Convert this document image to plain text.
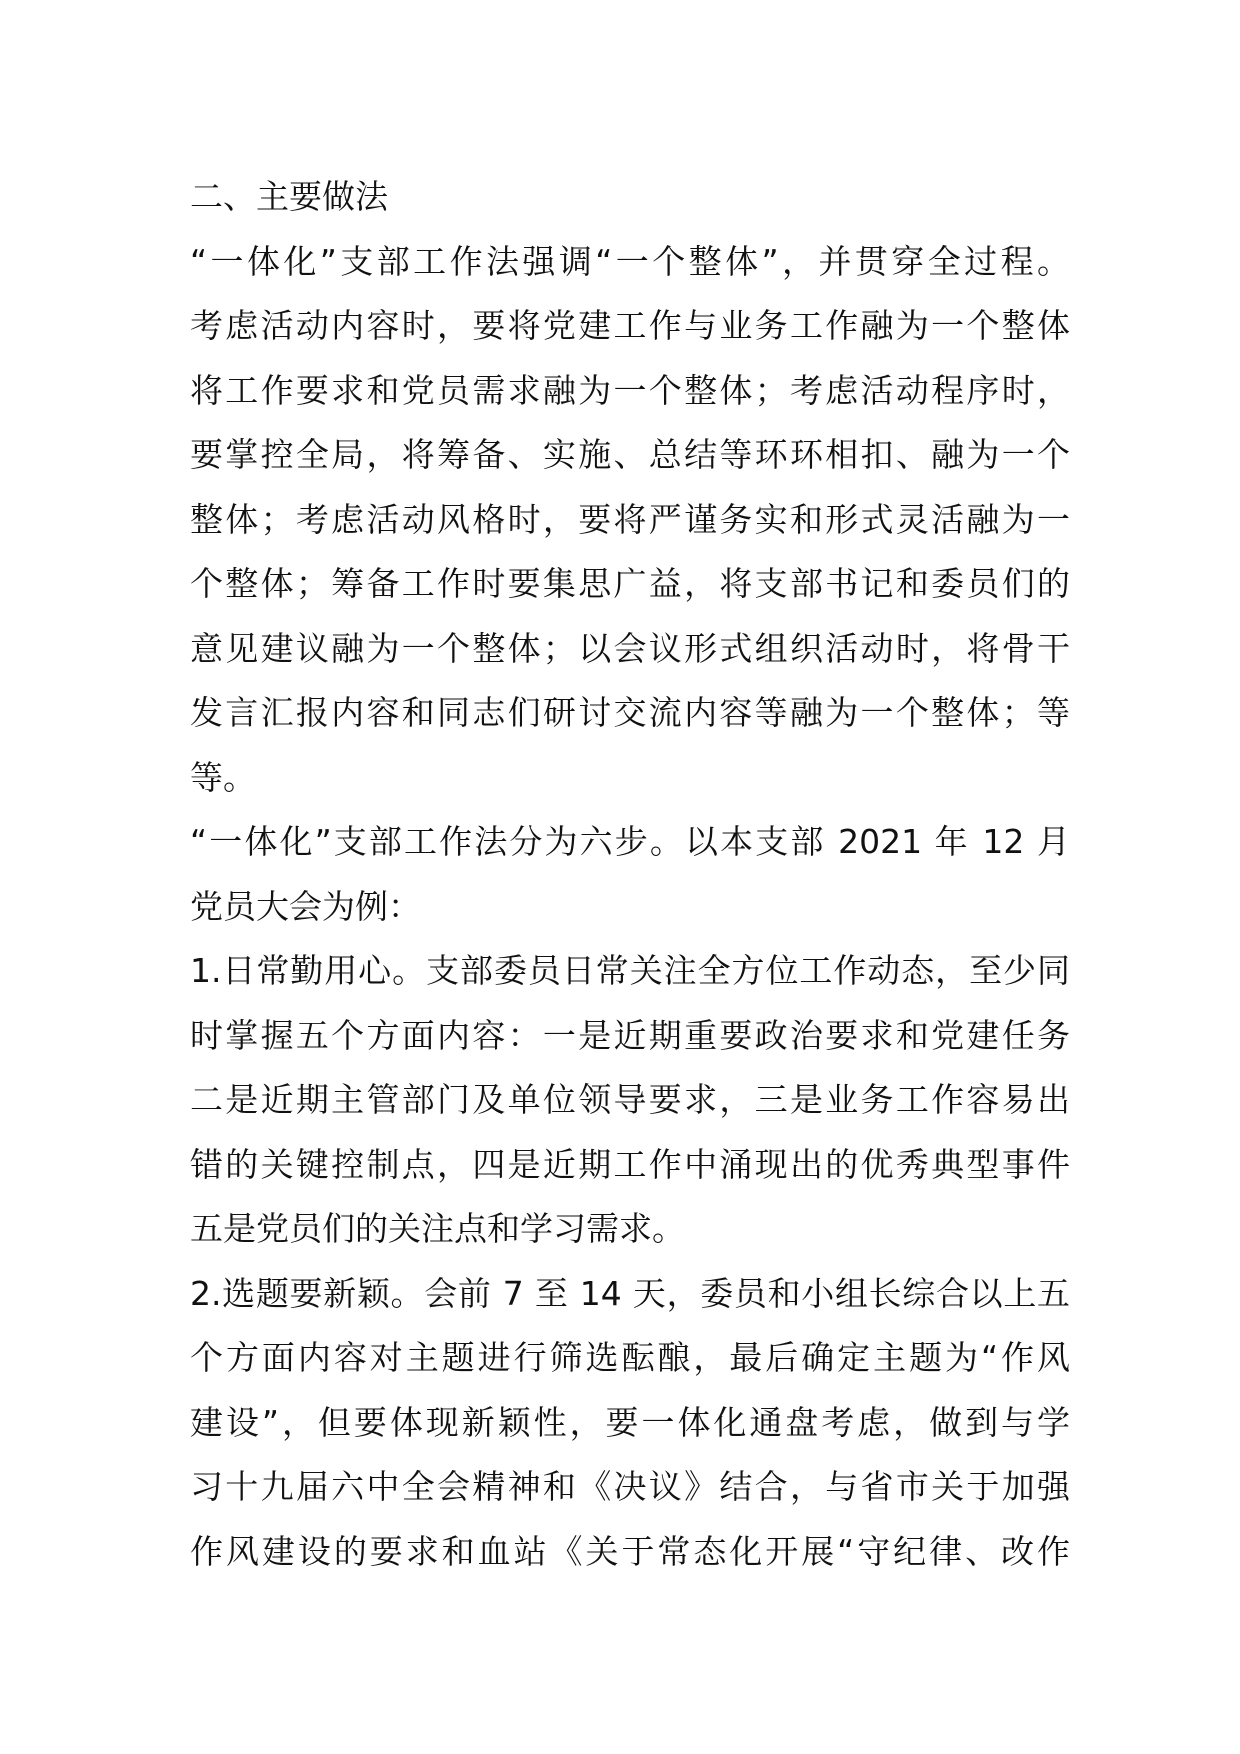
二、主要做法
“一体化”支部工作法强调“一个整体”，并贯穿全过程。
考虑活动内容时，要将党建工作与业务工作融为一个整体
将工作要求和党员需求融为一个整体；考虑活动程序时，
要掌控全局，将筹备、实施、总结等环环相扣、融为一个
整体；考虑活动风格时，要将严谨务实和形式灵活融为一
个整体；筹备工作时要集思广益，将支部书记和委员们的
意见建议融为一个整体；以会议形式组织活动时，将骨干
发言汇报内容和同志们研讨交流内容等融为一个整体；等
等。
“一体化”支部工作法分为六步。以本支部 2021 年 12 月
党员大会为例：
1.日常勤用心。支部委员日常关注全方位工作动态，至少同
时掌握五个方面内容：一是近期重要政治要求和党建任务
二是近期主管部门及单位领导要求，三是业务工作容易出
错的关键控制点，四是近期工作中涌现出的优秀典型事件
五是党员们的关注点和学习需求。
2.选题要新颖。会前 7 至 14 天，委员和小组长综合以上五
个方面内容对主题进行筛选酝酿，最后确定主题为“作风
建设”，但要体现新颖性，要一体化通盘考虑，做到与学
习十九届六中全会精神和《决议》结合，与省市关于加强
作风建设的要求和血站《关于常态化开展“守纪律、改作
